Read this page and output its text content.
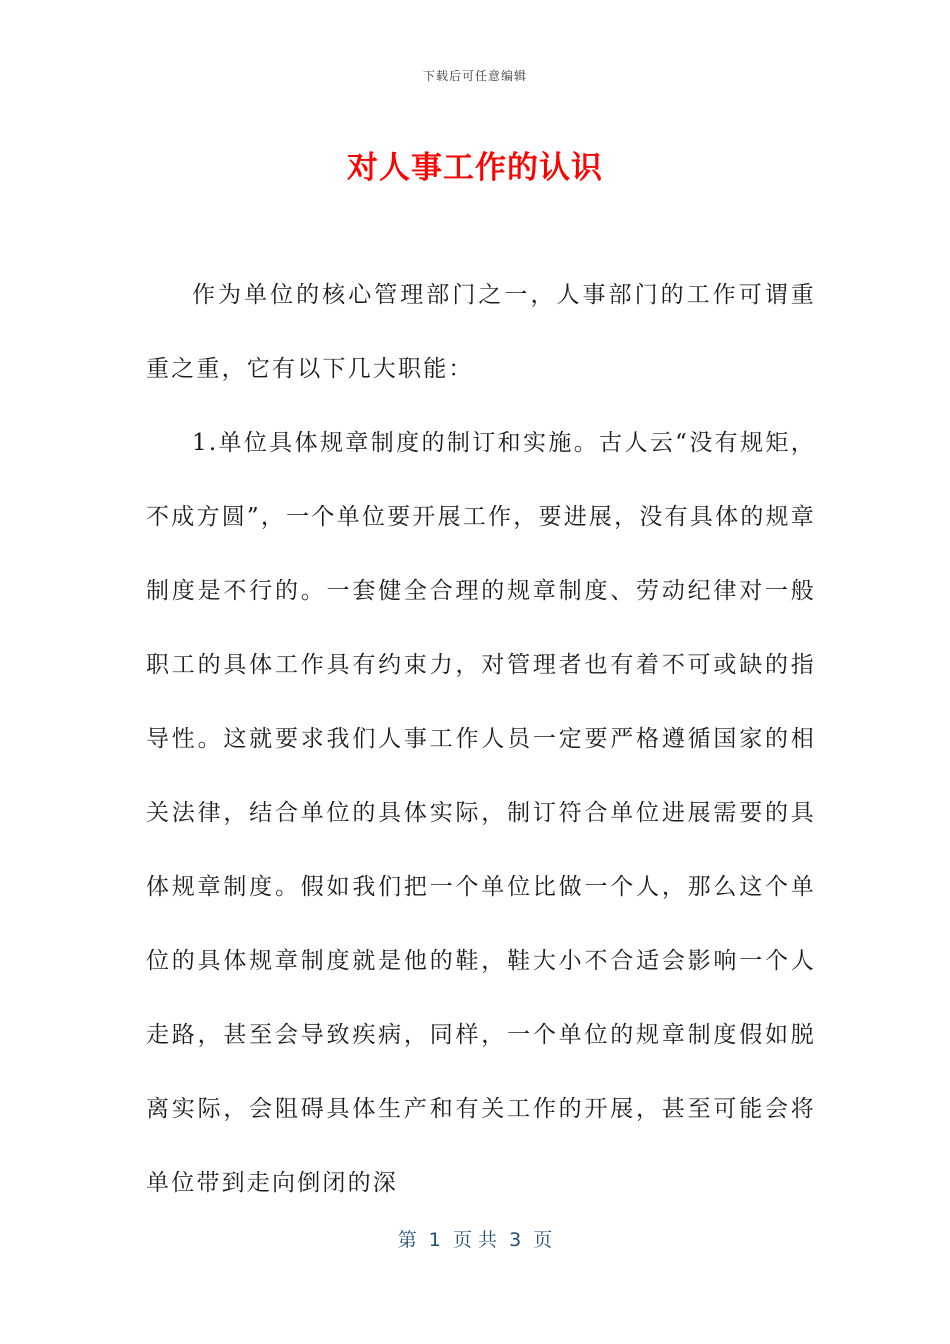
下载后可任意编辑
对人事工作的认识

作为单位的核心管理部门之一，人事部门的工作可谓重重之重，它有以下几大职能：

1.单位具体规章制度的制订和实施。古人云“没有规矩，不成方圆”，一个单位要开展工作，要进展，没有具体的规章制度是不行的。一套健全合理的规章制度、劳动纪律对一般职工的具体工作具有约束力，对管理者也有着不可或缺的指导性。这就要求我们人事工作人员一定要严格遵循国家的相关法律，结合单位的具体实际，制订符合单位进展需要的具体规章制度。假如我们把一个单位比做一个人，那么这个单位的具体规章制度就是他的鞋，鞋大小不合适会影响一个人走路，甚至会导致疾病，同样，一个单位的规章制度假如脱离实际，会阻碍具体生产和有关工作的开展，甚至可能会将单位带到走向倒闭的深

第  1  页 共  3  页
